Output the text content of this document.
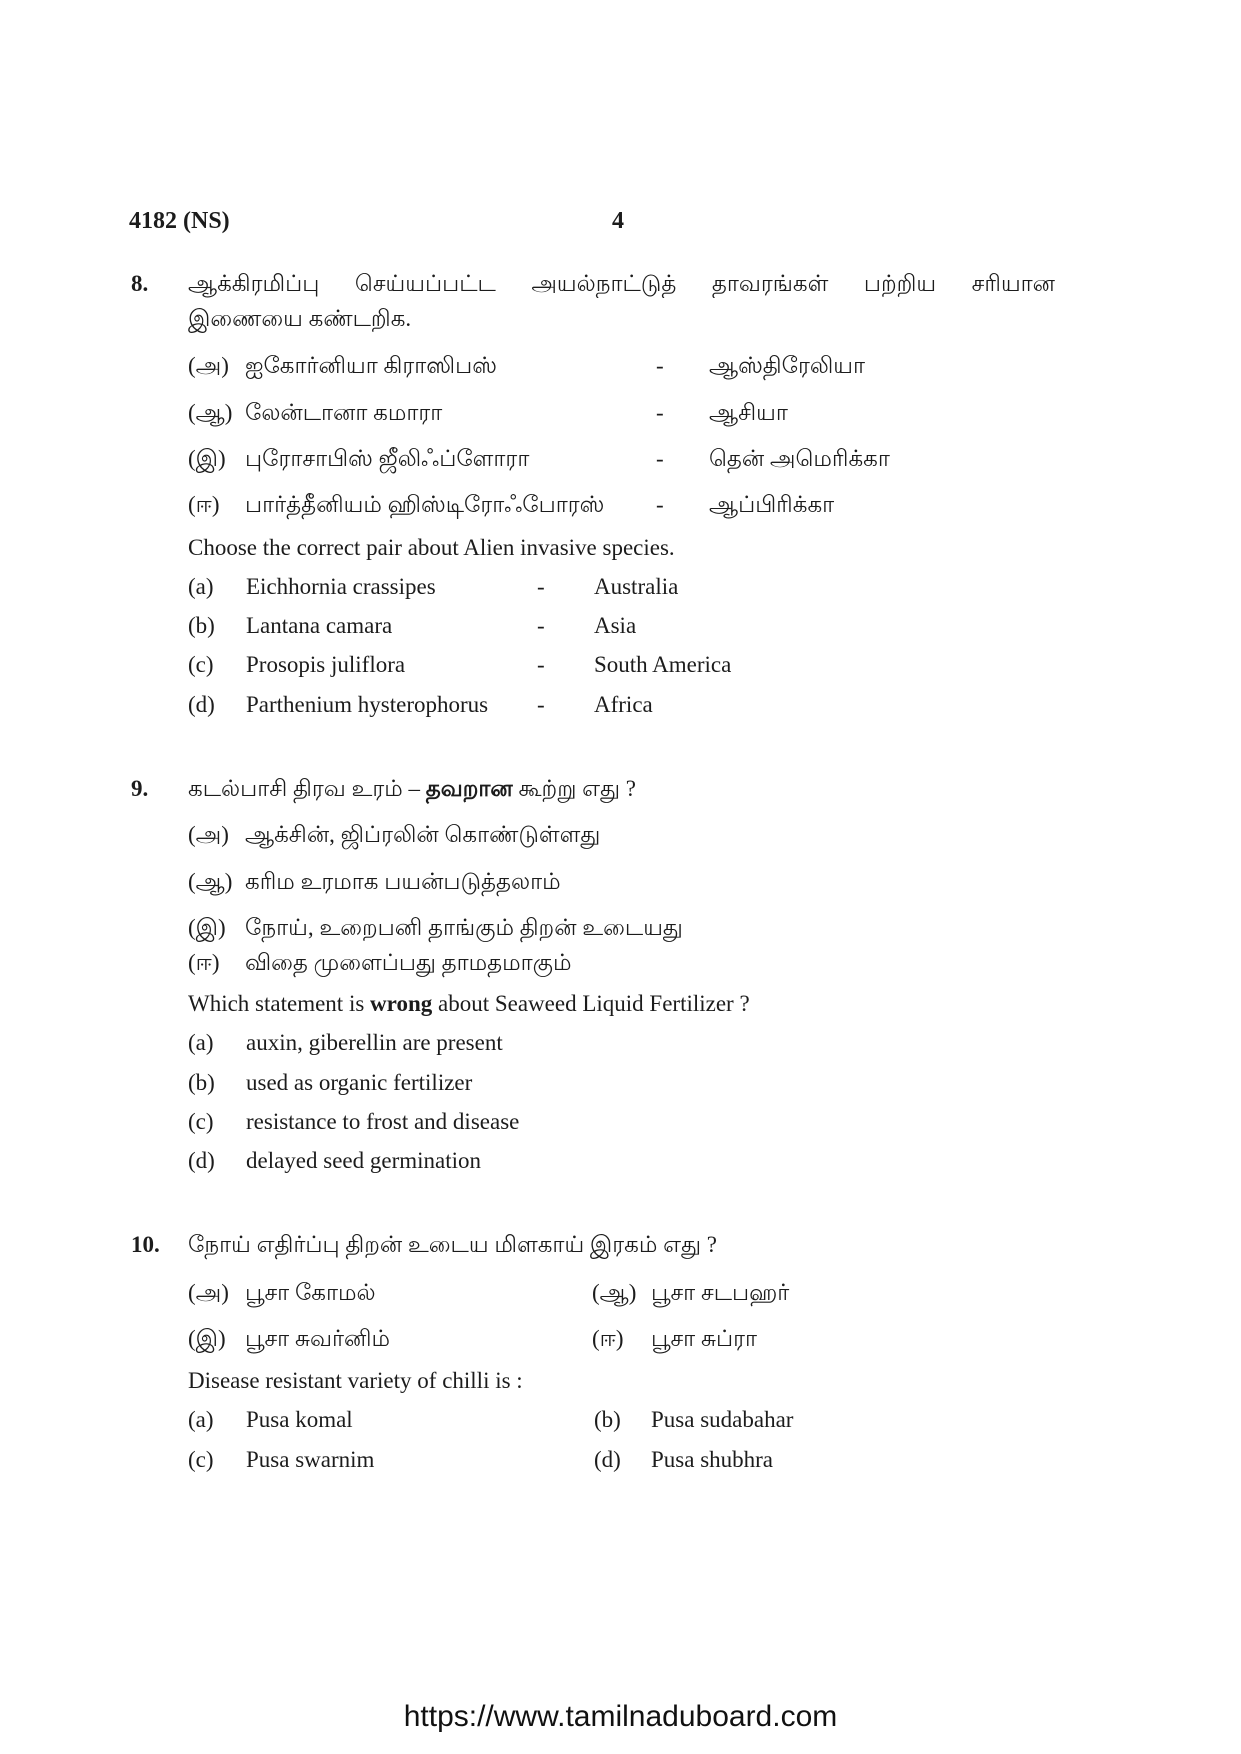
4182 (NS)	4
8. ஆக்கிரமிப்பு செய்யப்பட்ட அயல்நாட்டுத் தாவரங்கள் பற்றிய சரியான
இணையை கண்டறிக.
(அ) ஐகோர்னியா கிராஸிபஸ்	- ஆஸ்திரேலியா
(ஆ) லேன்டானா கமாரா	- ஆசியா
(இ) புரோசாபிஸ் ஜீலிஃப்ளோரா	- தென் அமெரிக்கா
(ஈ) பார்த்தீனியம் ஹிஸ்டிரோஃபோரஸ் - ஆப்பிரிக்கா
Choose the correct pair about Alien invasive species.
(a) Eichhornia crassipes	- Australia
(b) Lantana camara	- Asia
(c) Prosopis juliflora	- South America
(d) Parthenium hysterophorus - Africa
9. கடல்பாசி திரவ உரம் – தவறான கூற்று எது ?
(அ) ஆக்சின், ஜிப்ரலின் கொண்டுள்ளது
(ஆ) கரிம உரமாக பயன்படுத்தலாம்
(இ) நோய், உறைபனி தாங்கும் திறன் உடையது
(ஈ) விதை முளைப்பது தாமதமாகும்
Which statement is wrong about Seaweed Liquid Fertilizer ?
(a) auxin, giberellin are present
(b) used as organic fertilizer
(c) resistance to frost and disease
(d) delayed seed germination
10. நோய் எதிர்ப்பு திறன் உடைய மிளகாய் இரகம் எது ?
(அ) பூசா கோமல்	(ஆ) பூசா சடபஹர்
(இ) பூசா சுவர்னிம்	(ஈ) பூசா சுப்ரா
Disease resistant variety of chilli is :
(a) Pusa komal	(b) Pusa sudabahar
(c) Pusa swarnim	(d) Pusa shubhra
https://www.tamilnaduboard.com
